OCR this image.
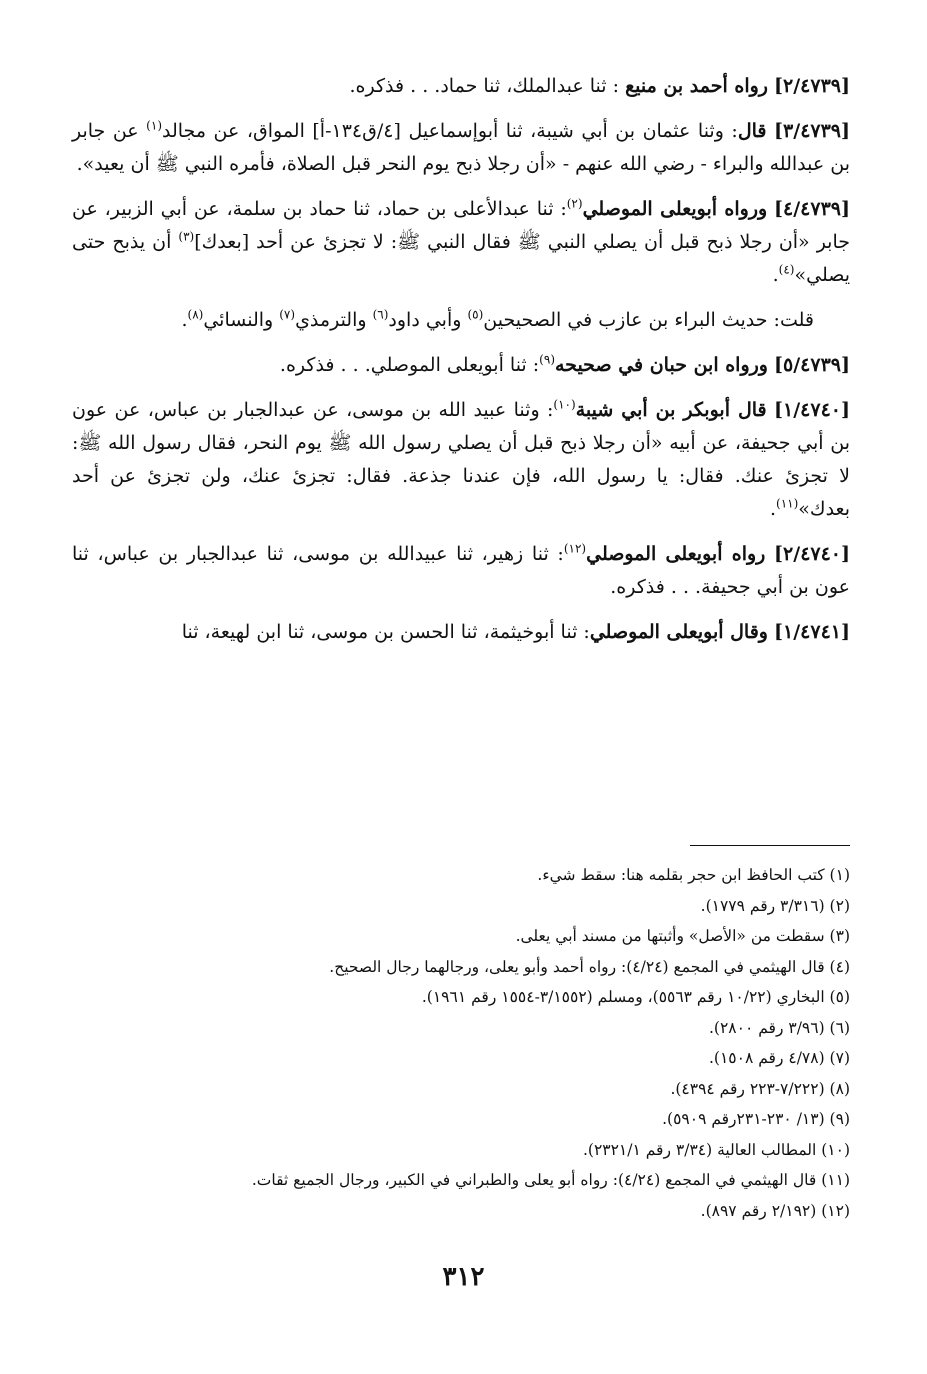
[٢/٤٧٣٩] رواه أحمد بن منيع : ثنا عبدالملك، ثنا حماد. . . فذكره.

[٣/٤٧٣٩] قال: وثنا عثمان بن أبي شيبة، ثنا أبوإسماعيل [٤/ق١٣٤-أ] المواق، عن مجالد$^{(١)}$ عن جابر بن عبدالله والبراء - رضي الله عنهم - «أن رجلا ذبح يوم النحر قبل الصلاة، فأمره النبي ﷺ أن يعيد».

[٤/٤٧٣٩] ورواه أبويعلى الموصلي$^{(٢)}$: ثنا عبدالأعلى بن حماد، ثنا حماد بن سلمة، عن أبي الزبير، عن جابر «أن رجلا ذبح قبل أن يصلي النبي ﷺ فقال النبي ﷺ: لا تجزئ عن أحد [بعدك]$^{(٣)}$ أن يذبح حتى يصلي»$^{(٤)}$.

قلت: حديث البراء بن عازب في الصحيحين$^{(٥)}$ وأبي داود$^{(٦)}$ والترمذي$^{(٧)}$ والنسائي$^{(٨)}$.

[٥/٤٧٣٩] ورواه ابن حبان في صحيحه$^{(٩)}$: ثنا أبويعلى الموصلي. . . فذكره.

[١/٤٧٤٠] قال أبوبكر بن أبي شيبة$^{(١٠)}$: وثنا عبيد الله بن موسى، عن عبدالجبار بن عباس، عن عون بن أبي جحيفة، عن أبيه «أن رجلا ذبح قبل أن يصلي رسول الله ﷺ يوم النحر، فقال رسول الله ﷺ: لا تجزئ عنك. فقال: يا رسول الله، فإن عندنا جذعة. فقال: تجزئ عنك، ولن تجزئ عن أحد بعدك»$^{(١١)}$.

[٢/٤٧٤٠] رواه أبويعلى الموصلي$^{(١٢)}$: ثنا زهير، ثنا عبيدالله بن موسى، ثنا عبدالجبار بن عباس، ثنا عون بن أبي جحيفة. . . فذكره.

[١/٤٧٤١] وقال أبويعلى الموصلي: ثنا أبوخيثمة، ثنا الحسن بن موسى، ثنا ابن لهيعة، ثنا

(١) كتب الحافظ ابن حجر بقلمه هنا: سقط شيء.
(٢) (٣/٣١٦ رقم ١٧٧٩).
(٣) سقطت من «الأصل» وأثبتها من مسند أبي يعلى.
(٤) قال الهيثمي في المجمع (٤/٢٤): رواه أحمد وأبو يعلى، ورجالهما رجال الصحيح.
(٥) البخاري (١٠/٢٢ رقم ٥٥٦٣)، ومسلم (٣/١٥٥٢-١٥٥٤ رقم ١٩٦١).
(٦) (٣/٩٦ رقم ٢٨٠٠).
(٧) (٤/٧٨ رقم ١٥٠٨).
(٨) (٧/٢٢٢-٢٢٣ رقم ٤٣٩٤).
(٩) (١٣/ ٢٣٠-٢٣١رقم ٥٩٠٩).
(١٠) المطالب العالية (٣/٣٤ رقم ٢٣٢١/١).
(١١) قال الهيثمي في المجمع (٤/٢٤): رواه أبو يعلى والطبراني في الكبير، ورجال الجميع ثقات.
(١٢) (٢/١٩٢ رقم ٨٩٧).
٣١٢
